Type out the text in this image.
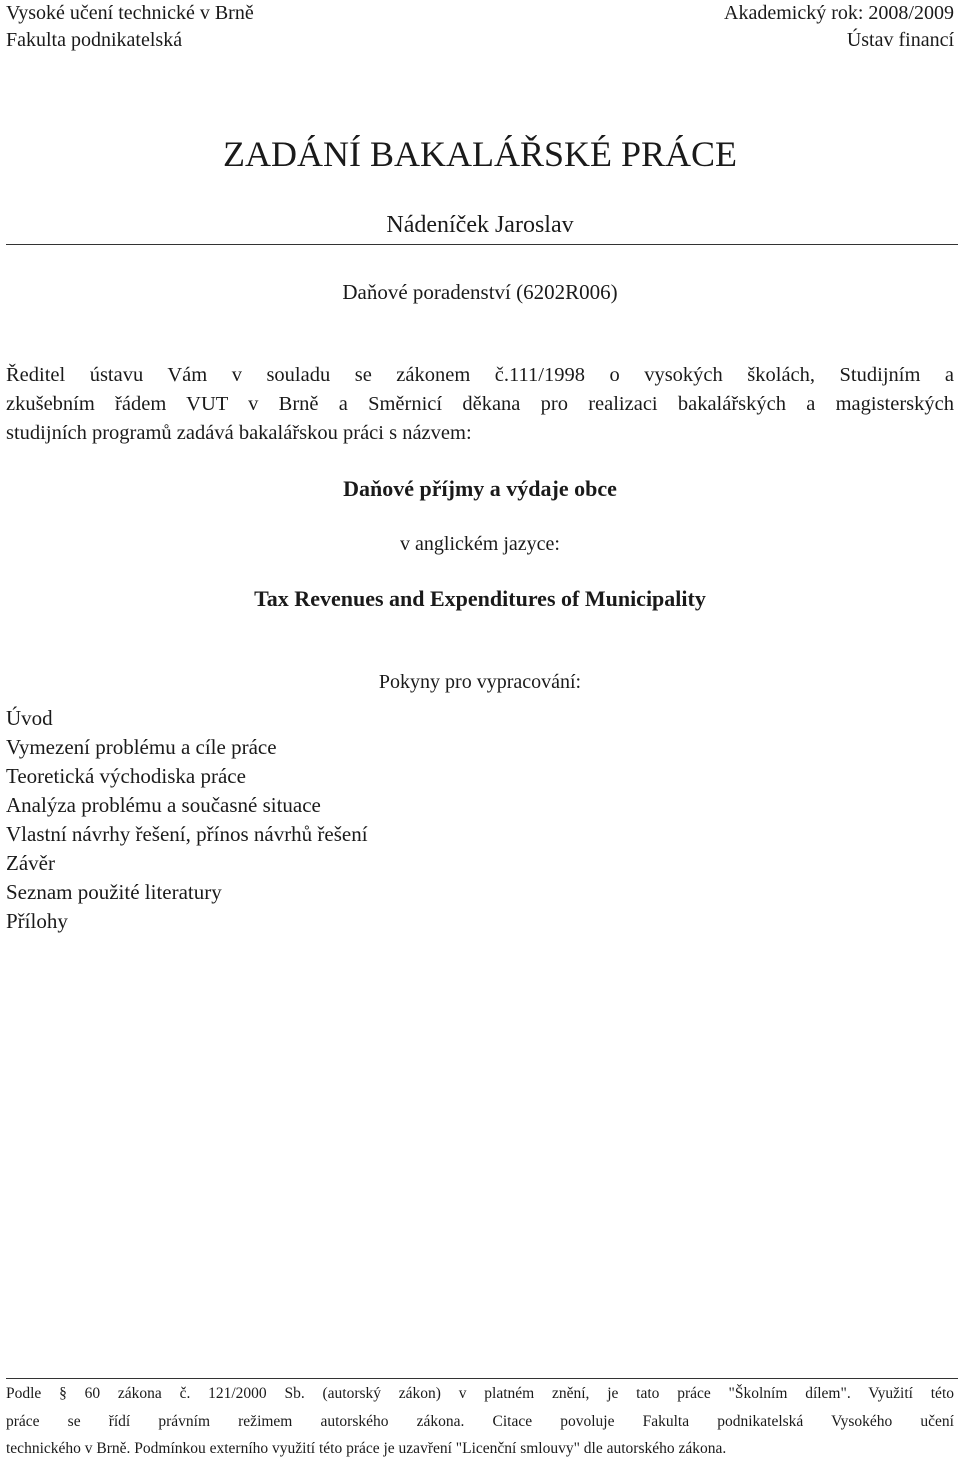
Vysoké učení technické v Brně	Akademický rok: 2008/2009
Fakulta podnikatelská	Ústav financí
ZADÁNÍ BAKALÁŘSKÉ PRÁCE
Nádeníček Jaroslav
Daňové poradenství (6202R006)
Ředitel ústavu Vám v souladu se zákonem č.111/1998 o vysokých školách, Studijním a
zkušebním řádem VUT v Brně a Směrnicí děkana pro realizaci bakalářských a magisterských
studijních programů zadává bakalářskou práci s názvem:
Daňové příjmy a výdaje obce
v anglickém jazyce:
Tax Revenues and Expenditures of Municipality
Pokyny pro vypracování:
Úvod
Vymezení problému a cíle práce
Teoretická východiska práce
Analýza problému a současné situace
Vlastní návrhy řešení, přínos návrhů řešení
Závěr
Seznam použité literatury
Přílohy
Podle § 60 zákona č. 121/2000 Sb. (autorský zákon) v platném znění, je tato práce "Školním dílem". Využití této
práce se řídí právním režimem autorského zákona. Citace povoluje Fakulta podnikatelská Vysokého učení
technického v Brně. Podmínkou externího využití této práce je uzavření "Licenční smlouvy" dle autorského zákona.
